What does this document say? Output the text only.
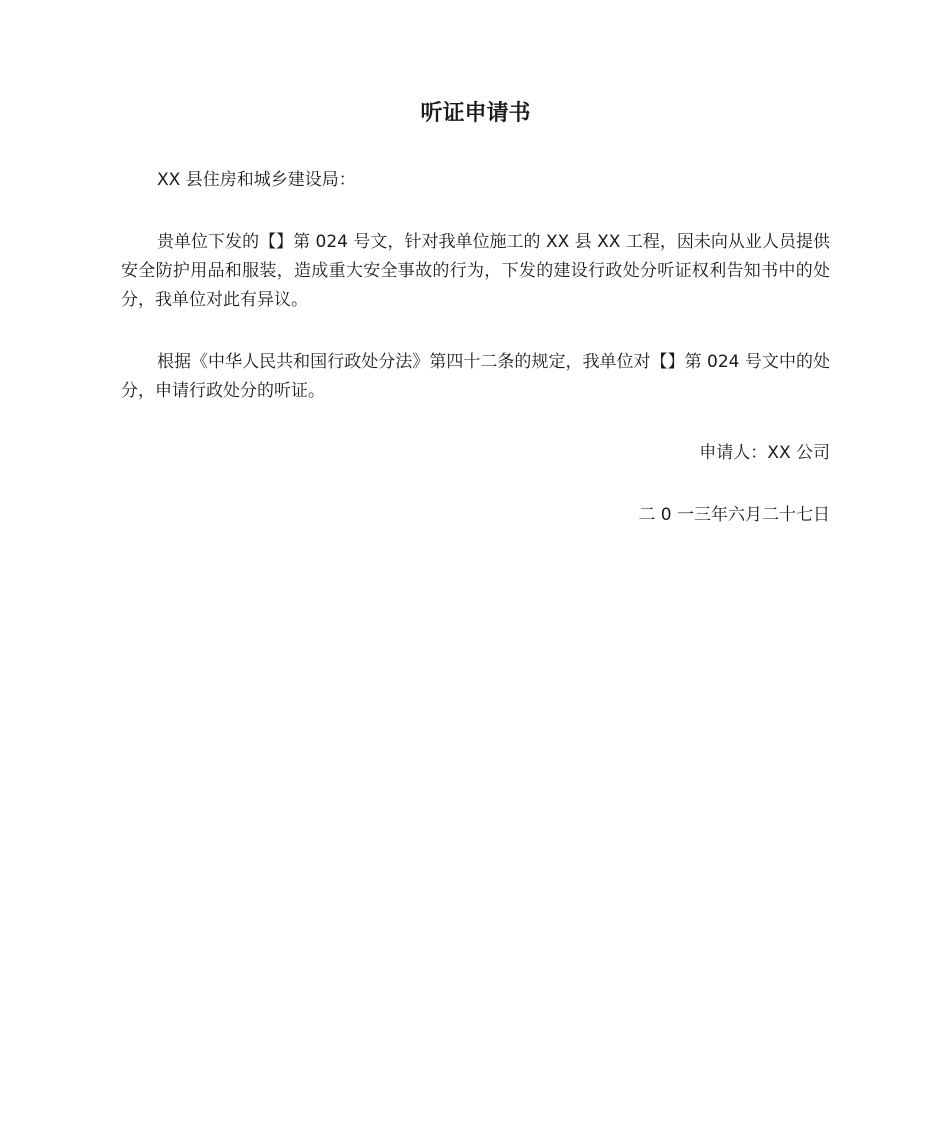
听证申请书

XX 县住房和城乡建设局：

贵单位下发的【】第 024 号文，针对我单位施工的 XX 县 XX 工程，因未向从业人员提供安全防护用品和服装，造成重大安全事故的行为，下发的建设行政处分听证权利告知书中的处分，我单位对此有异议。

根据《中华人民共和国行政处分法》第四十二条的规定，我单位对【】第 024 号文中的处分，申请行政处分的听证。

申请人：XX 公司

二 0 一三年六月二十七日
